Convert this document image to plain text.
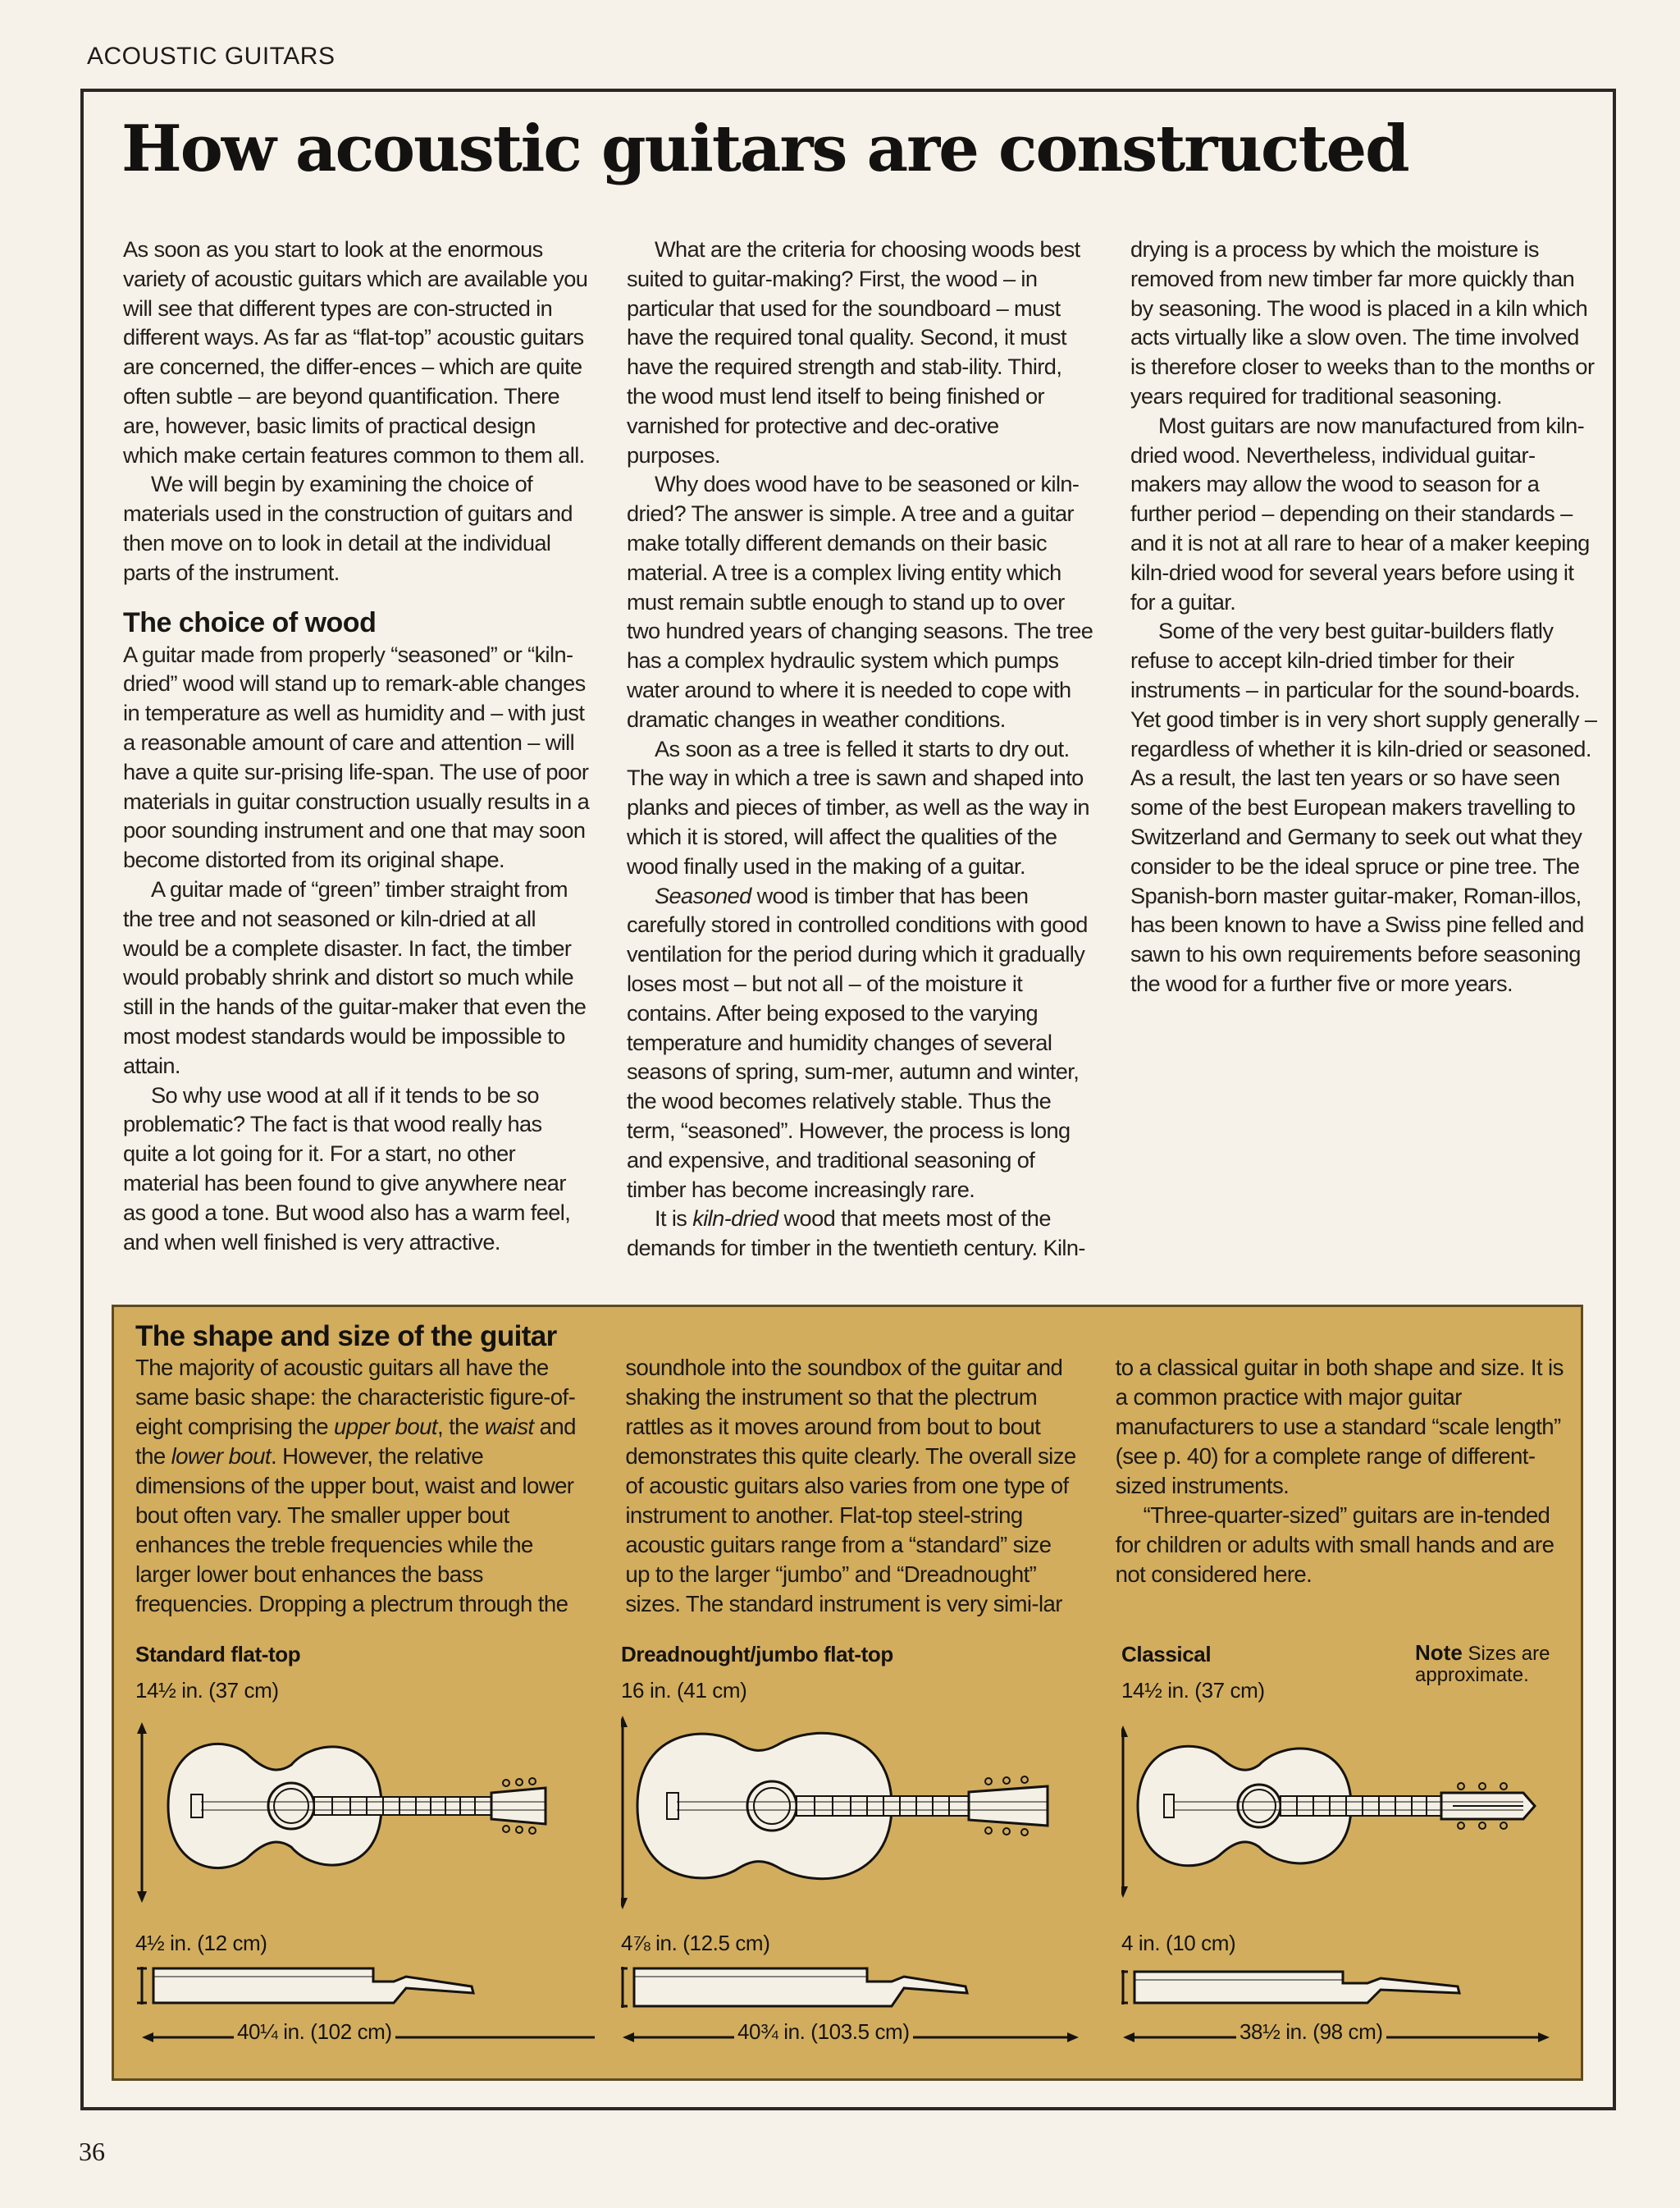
ACOUSTIC GUITARS
How acoustic guitars are constructed

As soon as you start to look at the enormous variety of acoustic guitars which are available you will see that different types are con-structed in different ways. As far as “flat-top” acoustic guitars are concerned, the differ-ences – which are quite often subtle – are beyond quantification. There are, however, basic limits of practical design which make certain features common to them all.

We will begin by examining the choice of materials used in the construction of guitars and then move on to look in detail at the individual parts of the instrument.

The choice of wood

A guitar made from properly “seasoned” or “kiln-dried” wood will stand up to remark-able changes in temperature as well as humidity and – with just a reasonable amount of care and attention – will have a quite sur-prising life-span. The use of poor materials in guitar construction usually results in a poor sounding instrument and one that may soon become distorted from its original shape.

A guitar made of “green” timber straight from the tree and not seasoned or kiln-dried at all would be a complete disaster. In fact, the timber would probably shrink and distort so much while still in the hands of the guitar-maker that even the most modest standards would be impossible to attain.

So why use wood at all if it tends to be so problematic? The fact is that wood really has quite a lot going for it. For a start, no other material has been found to give anywhere near as good a tone. But wood also has a warm feel, and when well finished is very attractive.

What are the criteria for choosing woods best suited to guitar-making? First, the wood – in particular that used for the soundboard – must have the required tonal quality. Second, it must have the required strength and stab-ility. Third, the wood must lend itself to being finished or varnished for protective and dec-orative purposes.

Why does wood have to be seasoned or kiln-dried? The answer is simple. A tree and a guitar make totally different demands on their basic material. A tree is a complex living entity which must remain subtle enough to stand up to over two hundred years of changing seasons. The tree has a complex hydraulic system which pumps water around to where it is needed to cope with dramatic changes in weather conditions.

As soon as a tree is felled it starts to dry out. The way in which a tree is sawn and shaped into planks and pieces of timber, as well as the way in which it is stored, will affect the qualities of the wood finally used in the making of a guitar.

Seasoned wood is timber that has been carefully stored in controlled conditions with good ventilation for the period during which it gradually loses most – but not all – of the moisture it contains. After being exposed to the varying temperature and humidity changes of several seasons of spring, sum-mer, autumn and winter, the wood becomes relatively stable. Thus the term, “seasoned”. However, the process is long and expensive, and traditional seasoning of timber has become increasingly rare.

It is kiln-dried wood that meets most of the demands for timber in the twentieth century. Kiln-drying is a process by which the moisture is removed from new timber far more quickly than by seasoning. The wood is placed in a kiln which acts virtually like a slow oven. The time involved is therefore closer to weeks than to the months or years required for traditional seasoning.

Most guitars are now manufactured from kiln-dried wood. Nevertheless, individual guitar-makers may allow the wood to season for a further period – depending on their standards – and it is not at all rare to hear of a maker keeping kiln-dried wood for several years before using it for a guitar.

Some of the very best guitar-builders flatly refuse to accept kiln-dried timber for their instruments – in particular for the sound-boards. Yet good timber is in very short supply generally – regardless of whether it is kiln-dried or seasoned. As a result, the last ten years or so have seen some of the best European makers travelling to Switzerland and Germany to seek out what they consider to be the ideal spruce or pine tree. The Spanish-born master guitar-maker, Roman-illos, has been known to have a Swiss pine felled and sawn to his own requirements before seasoning the wood for a further five or more years.

The shape and size of the guitar

The majority of acoustic guitars all have the same basic shape: the characteristic figure-of-eight comprising the upper bout, the waist and the lower bout. However, the relative dimensions of the upper bout, waist and lower bout often vary. The smaller upper bout enhances the treble frequencies while the larger lower bout enhances the bass frequencies. Dropping a plectrum through the soundhole into the soundbox of the guitar and shaking the instrument so that the plectrum rattles as it moves around from bout to bout demonstrates this quite clearly. The overall size of acoustic guitars also varies from one type of instrument to another. Flat-top steel-string acoustic guitars range from a “standard” size up to the larger “jumbo” and “Dreadnought” sizes. The standard instrument is very simi-lar to a classical guitar in both shape and size. It is a common practice with major guitar manufacturers to use a standard “scale length” (see p. 40) for a complete range of different-sized instruments.

“Three-quarter-sized” guitars are in-tended for children or adults with small hands and are not considered here.

Note Sizes are approximate.
Standard flat-top
14½ in. (37 cm)
4½ in. (12 cm)
40¼ in. (102 cm)
Dreadnought/jumbo flat-top
16 in. (41 cm)
4⅞ in. (12.5 cm)
40¾ in. (103.5 cm)
Classical
14½ in. (37 cm)
4 in. (10 cm)
38½ in. (98 cm)
36
